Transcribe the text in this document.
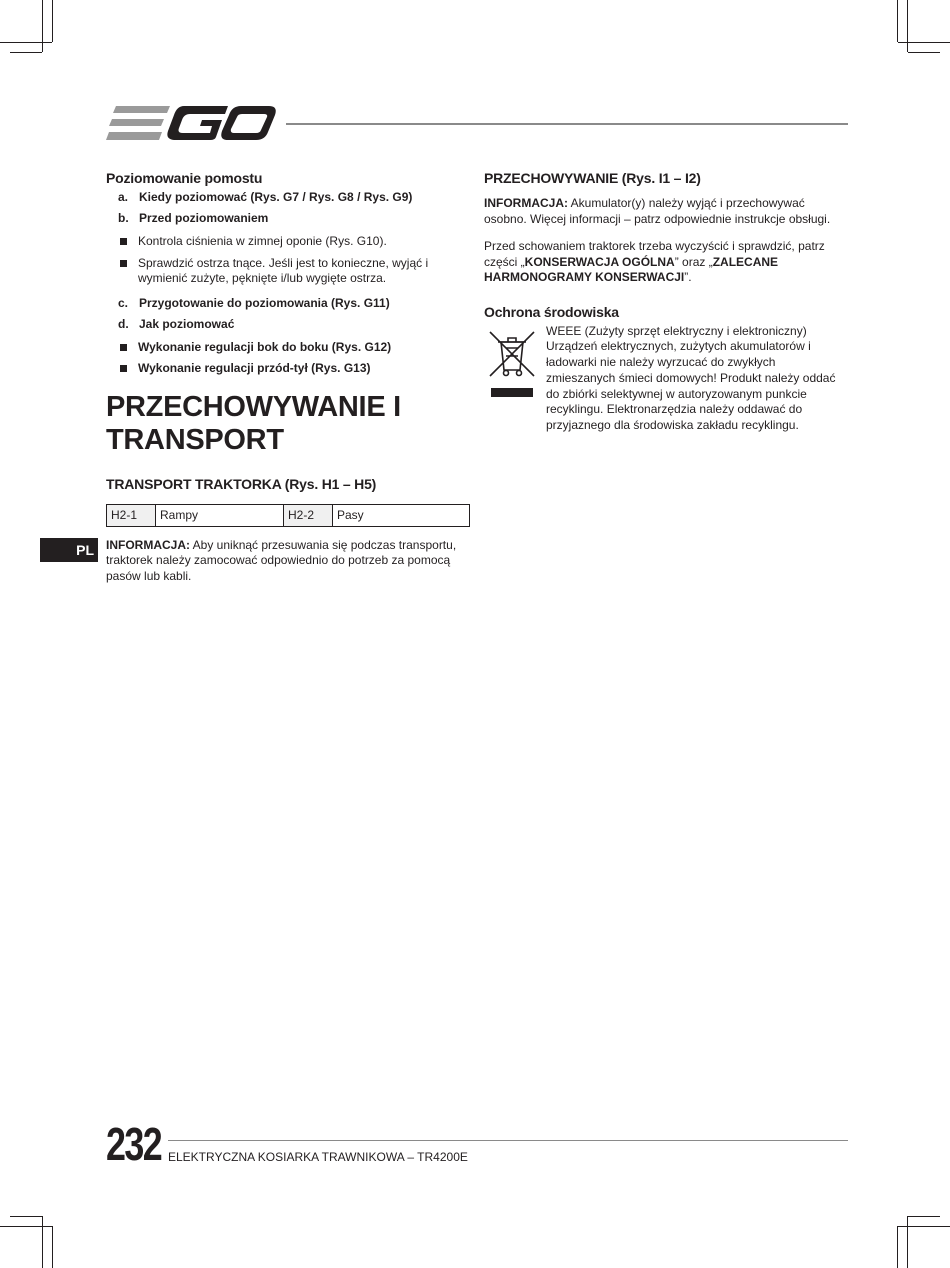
Poziomowanie pomostu
a. Kiedy poziomować (Rys. G7 / Rys. G8 / Rys. G9)
b. Przed poziomowaniem
Kontrola ciśnienia w zimnej oponie (Rys. G10).
Sprawdzić ostrza tnące. Jeśli jest to konieczne, wyjąć i wymienić zużyte, pęknięte i/lub wygięte ostrza.
c. Przygotowanie do poziomowania (Rys. G11)
d. Jak poziomować
Wykonanie regulacji bok do boku (Rys. G12)
Wykonanie regulacji przód-tył (Rys. G13)
PRZECHOWYWANIE I
TRANSPORT
TRANSPORT TRAKTORKA (Rys. H1 – H5)
H2-1	Rampy	H2-2	Pasy
INFORMACJA: Aby uniknąć przesuwania się podczas transportu, traktorek należy zamocować odpowiednio do potrzeb za pomocą pasów lub kabli.
PRZECHOWYWANIE (Rys. I1 – I2)
INFORMACJA: Akumulator(y) należy wyjąć i przechowywać osobno. Więcej informacji – patrz odpowiednie instrukcje obsługi.
Przed schowaniem traktorek trzeba wyczyścić i sprawdzić, patrz części „KONSERWACJA OGÓLNA” oraz „ZALECANE HARMONOGRAMY KONSERWACJI”.
Ochrona środowiska
WEEE (Zużyty sprzęt elektryczny i elektroniczny) Urządzeń elektrycznych, zużytych akumulatorów i ładowarki nie należy wyrzucać do zwykłych zmieszanych śmieci domowych! Produkt należy oddać do zbiórki selektywnej w autoryzowanym punkcie recyklingu. Elektronarzędzia należy oddawać do przyjaznego dla środowiska zakładu recyklingu.
PL
232 ELEKTRYCZNA KOSIARKA TRAWNIKOWA – TR4200E
